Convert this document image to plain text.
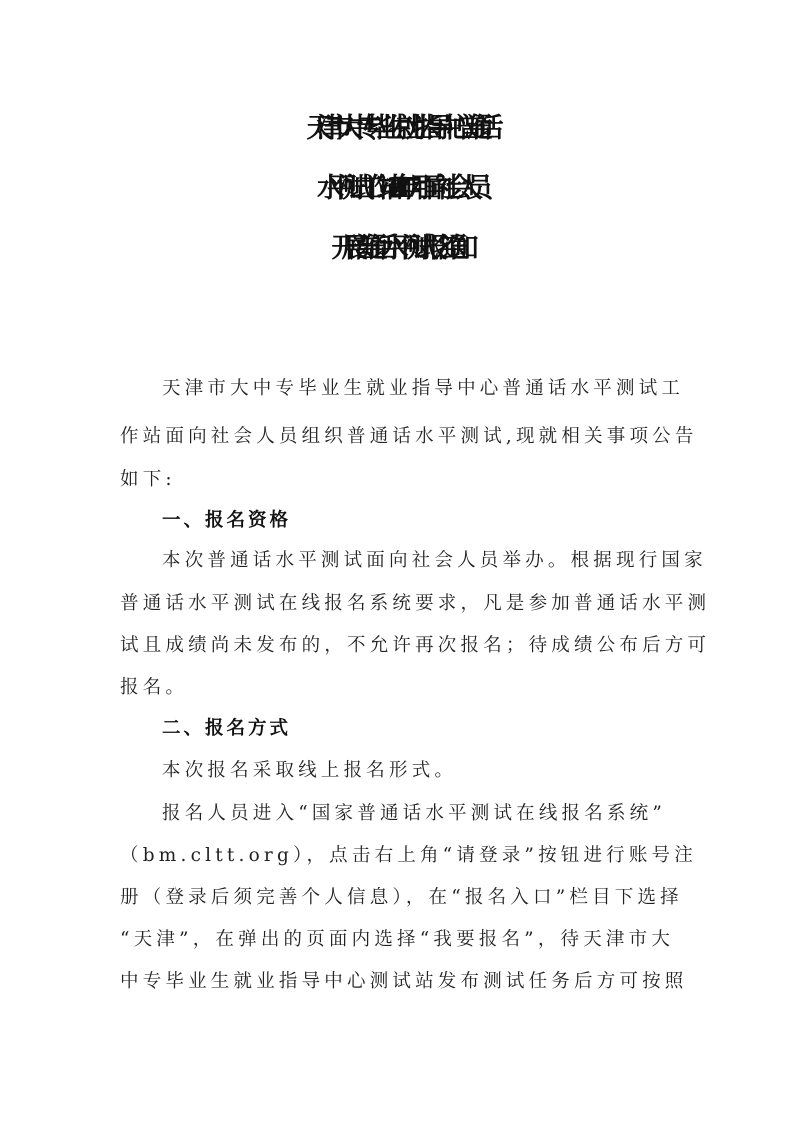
天津市大中专毕业生就业指导中心普通话
水平测试工作站2024年7月面向社会人员
开展普通话水平测试报名通知
天津市大中专毕业生就业指导中心普通话水平测试工
作站面向社会人员组织普通话水平测试,现就相关事项公告
如下:
一、报名资格
本次普通话水平测试面向社会人员举办。根据现行国家
普通话水平测试在线报名系统要求，凡是参加普通话水平测
试且成绩尚未发布的，不允许再次报名；待成绩公布后方可
报名。
二、报名方式
本次报名采取线上报名形式。
报名人员进入“国家普通话水平测试在线报名系统”
（bm.cltt.org），点击右上角“请登录”按钮进行账号注
册（登录后须完善个人信息），在“报名入口”栏目下选择
“天津”，在弹出的页面内选择“我要报名”，待天津市大
中专毕业生就业指导中心测试站发布测试任务后方可按照
